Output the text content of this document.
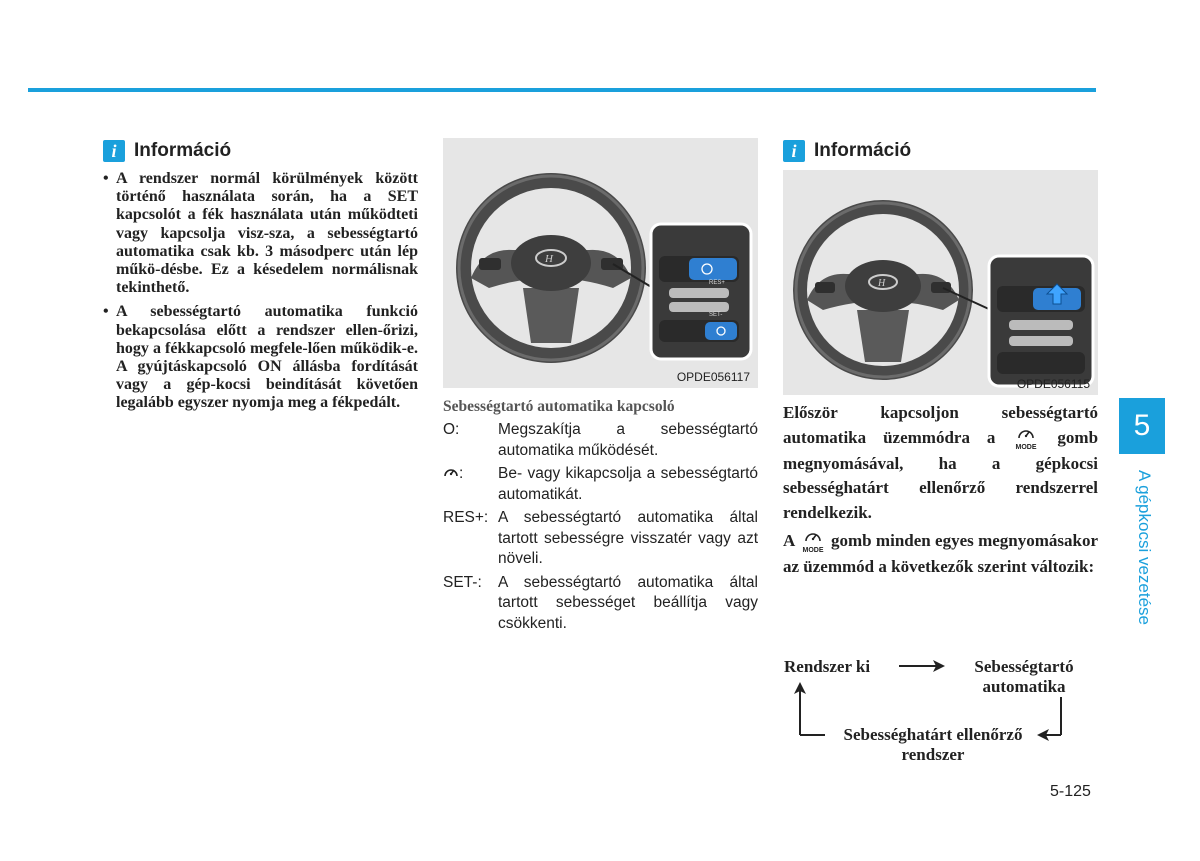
i Információ
• A rendszer normál körülmények között történő használata során, ha a SET kapcsolót a fék használata után működteti vagy kapcsolja visz-sza, a sebességtartó automatika csak kb. 3 másodperc után lép műkö-désbe. Ez a késedelem normálisnak tekinthető.
• A sebességtartó automatika funkció bekapcsolása előtt a rendszer ellen-őrizi, hogy a fékkapcsoló megfele-lően működik-e. A gyújtáskapcsoló ON állásba fordítását vagy a gép-kocsi beindítását követően legalább egyszer nyomja meg a fékpedált.
H
RES+
SET-
OPDE056117
Sebességtartó automatika kapcsoló
O:	Megszakítja a sebességtartó automatika működését.
:	Be- vagy kikapcsolja a sebességtartó automatikát.
RES+: A sebességtartó automatika által tartott sebességre visszatér vagy azt növeli.
SET-:	A sebességtartó automatika által tartott sebességet beállítja vagy csökkenti.
i Információ
H
OPDE056115

Először kapcsoljon sebességtartó automatika üzemmódra a
MODE
gomb megnyomásával, ha a gépkocsi sebességhatárt ellenőrző rendszerrel rendelkezik.

A
MODE
gomb minden egyes megnyomásakor az üzemmód a következők szerint változik:

Rendszer ki	Sebességtartó automatika
Sebességhatárt ellenőrző rendszer
5
A gépkocsi vezetése
5-125
